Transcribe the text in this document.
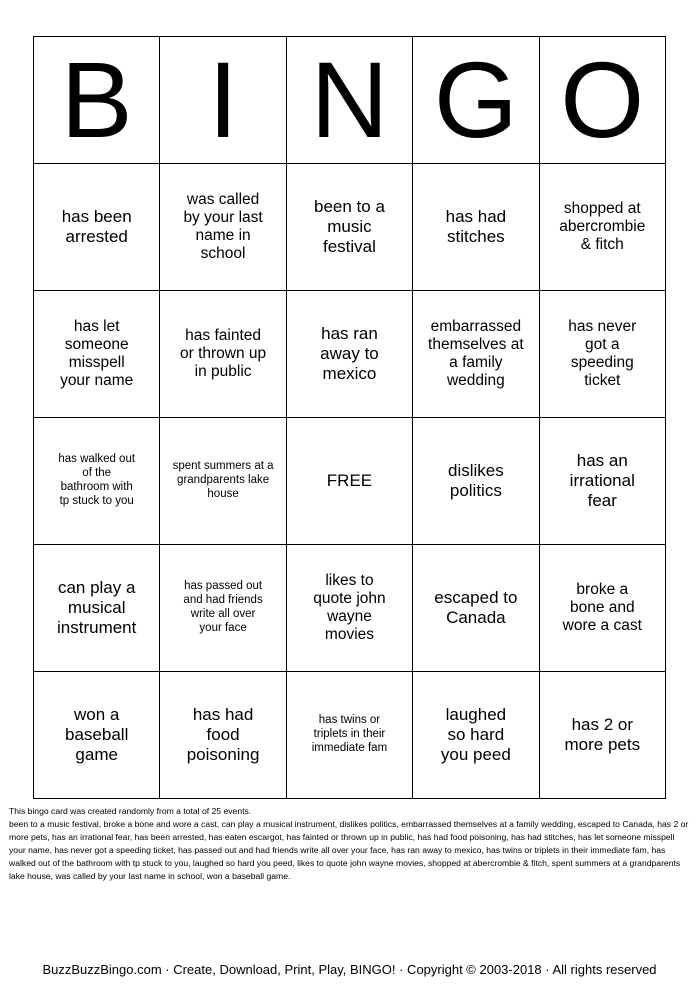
B	I	N	G	O

has been arrested	was called by your last name in school	been to a music festival	has had stitches	shopped at abercrombie & fitch

has let someone misspell your name	has fainted or thrown up in public	has ran away to mexico	embarrassed themselves at a family wedding	has never got a speeding ticket

has walked out of the bathroom with tp stuck to you	spent summers at a grandparents lake house	FREE	dislikes politics	has an irrational fear

can play a musical instrument	has passed out and had friends write all over your face	likes to quote john wayne movies	escaped to Canada	broke a bone and wore a cast

won a baseball game	has had food poisoning	has twins or triplets in their immediate fam	laughed so hard you peed	has 2 or more pets
This bingo card was created randomly from a total of 25 events.
been to a music festival, broke a bone and wore a cast, can play a musical instrument, dislikes politics, embarrassed themselves at a family wedding, escaped to Canada, has 2 or more pets, has an irrational fear, has been arrested, has eaten escargot, has fainted or thrown up in public, has had food poisoning, has had stitches, has let someone misspell your name, has never got a speeding ticket, has passed out and had friends write all over your face, has ran away to mexico, has twins or triplets in their immediate fam, has walked out of the bathroom with tp stuck to you, laughed so hard you peed, likes to quote john wayne movies, shopped at abercrombie & fitch, spent summers at a grandparents lake house, was called by your last name in school, won a baseball game.
BuzzBuzzBingo.com · Create, Download, Print, Play, BINGO! · Copyright © 2003-2018 · All rights reserved
